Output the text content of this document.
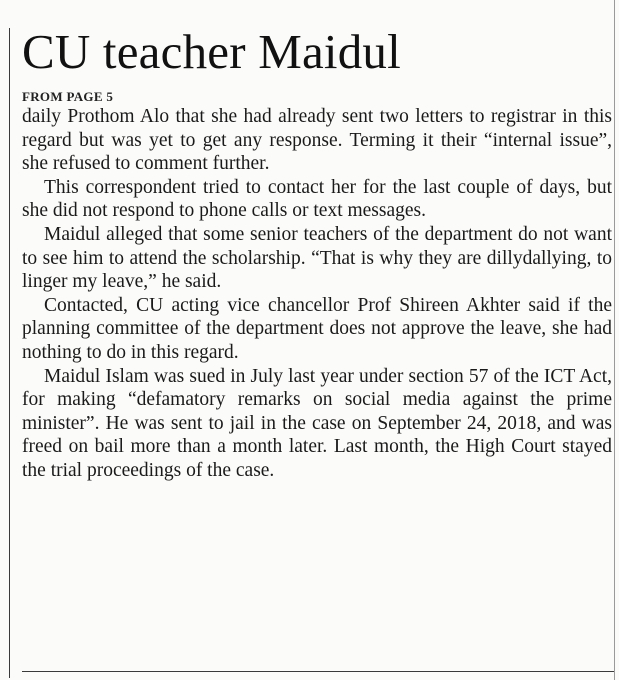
CU teacher Maidul
FROM PAGE 5

daily Prothom Alo that she had already sent two letters to registrar in this regard but was yet to get any response. Terming it their “internal issue”, she refused to comment further.

This correspondent tried to contact her for the last couple of days, but she did not respond to phone calls or text messages.

Maidul alleged that some senior teachers of the department do not want to see him to attend the scholarship. “That is why they are dillydallying, to linger my leave,” he said.

Contacted, CU acting vice chancellor Prof Shireen Akhter said if the planning committee of the department does not approve the leave, she had nothing to do in this regard.

Maidul Islam was sued in July last year under section 57 of the ICT Act, for making “defamatory remarks on social media against the prime minister”. He was sent to jail in the case on September 24, 2018, and was freed on bail more than a month later. Last month, the High Court stayed the trial proceedings of the case.
